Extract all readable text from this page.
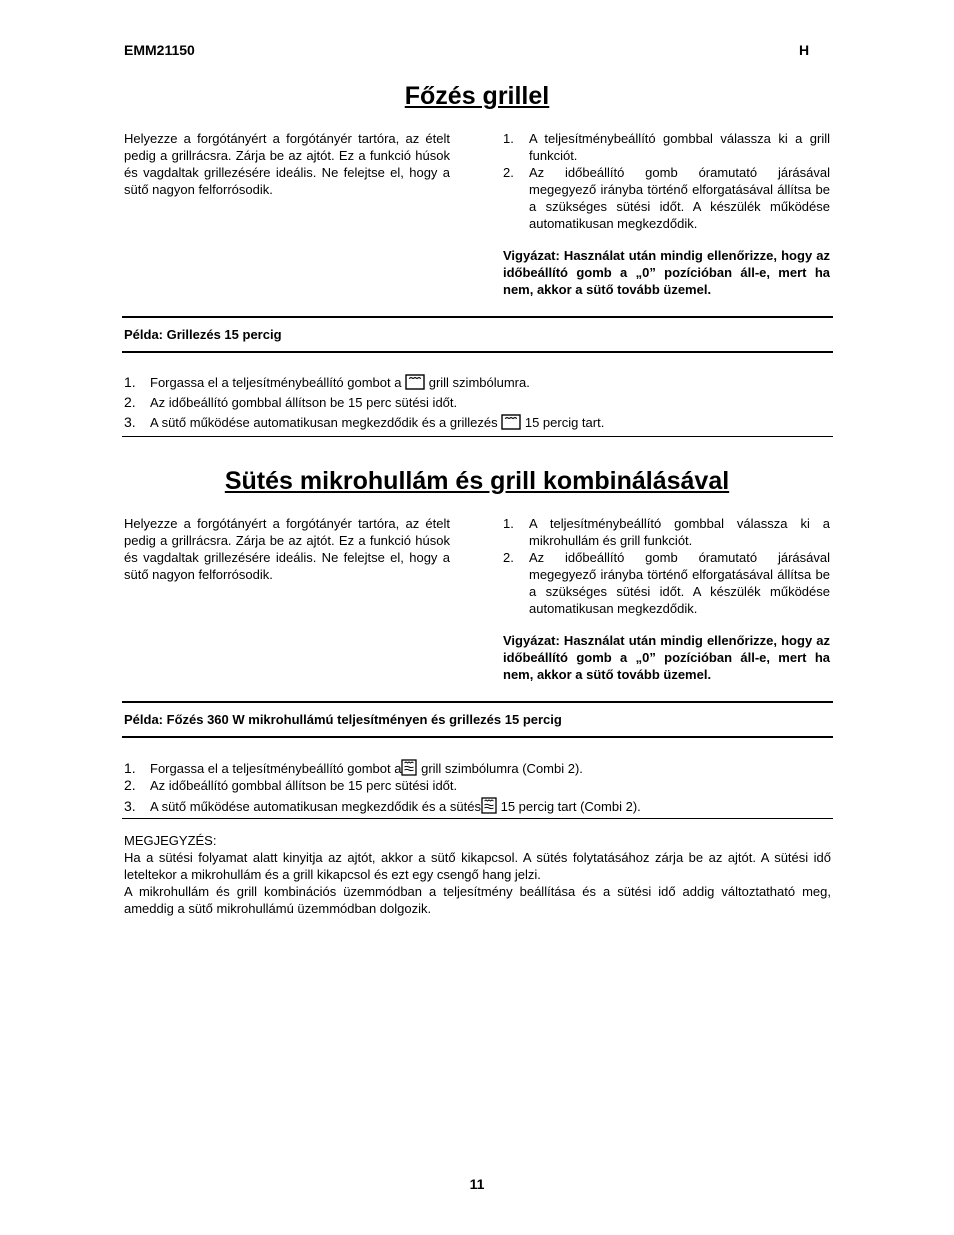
EMM21150	H
Főzés grillel

Helyezze a forgótányért a forgótányér tartóra, az ételt pedig a grillrácsra. Zárja be az ajtót. Ez a funkció húsok és vagdaltak grillezésére ideális. Ne felejtse el, hogy a sütő nagyon felforrósodik.

1. A teljesítménybeállító gombbal válassza ki a grill funkciót.
2. Az időbeállító gomb óramutató járásával megegyező irányba történő elforgatásával állítsa be a szükséges sütési időt. A készülék működése automatikusan megkezdődik.
Vigyázat: Használat után mindig ellenőrizze, hogy az időbeállító gomb a „0” pozícióban áll-e, mert ha nem, akkor a sütő tovább üzemel.
Példa: Grillezés 15 percig
1. Forgassa el a teljesítménybeállító gombot a grill szimbólumra.
2. Az időbeállító gombbal állítson be 15 perc sütési időt.
3. A sütő működése automatikusan megkezdődik és a grillezés 15 percig tart.
Sütés mikrohullám és grill kombinálásával

Helyezze a forgótányért a forgótányér tartóra, az ételt pedig a grillrácsra. Zárja be az ajtót. Ez a funkció húsok és vagdaltak grillezésére ideális. Ne felejtse el, hogy a sütő nagyon felforrósodik.

1. A teljesítménybeállító gombbal válassza ki a mikrohullám és grill funkciót.
2. Az időbeállító gomb óramutató járásával megegyező irányba történő elforgatásával állítsa be a szükséges sütési időt. A készülék működése automatikusan megkezdődik.
Vigyázat: Használat után mindig ellenőrizze, hogy az időbeállító gomb a „0” pozícióban áll-e, mert ha nem, akkor a sütő tovább üzemel.
Példa: Főzés 360 W mikrohullámú teljesítményen és grillezés 15 percig
1. Forgassa el a teljesítménybeállító gombot a grill szimbólumra (Combi 2).
2. Az időbeállító gombbal állítson be 15 perc sütési időt.
3. A sütő működése automatikusan megkezdődik és a sütés 15 percig tart (Combi 2).

MEGJEGYZÉS:

Ha a sütési folyamat alatt kinyitja az ajtót, akkor a sütő kikapcsol. A sütés folytatásához zárja be az ajtót. A sütési idő leteltekor a mikrohullám és a grill kikapcsol és ezt egy csengő hang jelzi.

A mikrohullám és grill kombinációs üzemmódban a teljesítmény beállítása és a sütési idő addig változtatható meg, ameddig a sütő mikrohullámú üzemmódban dolgozik.

11
